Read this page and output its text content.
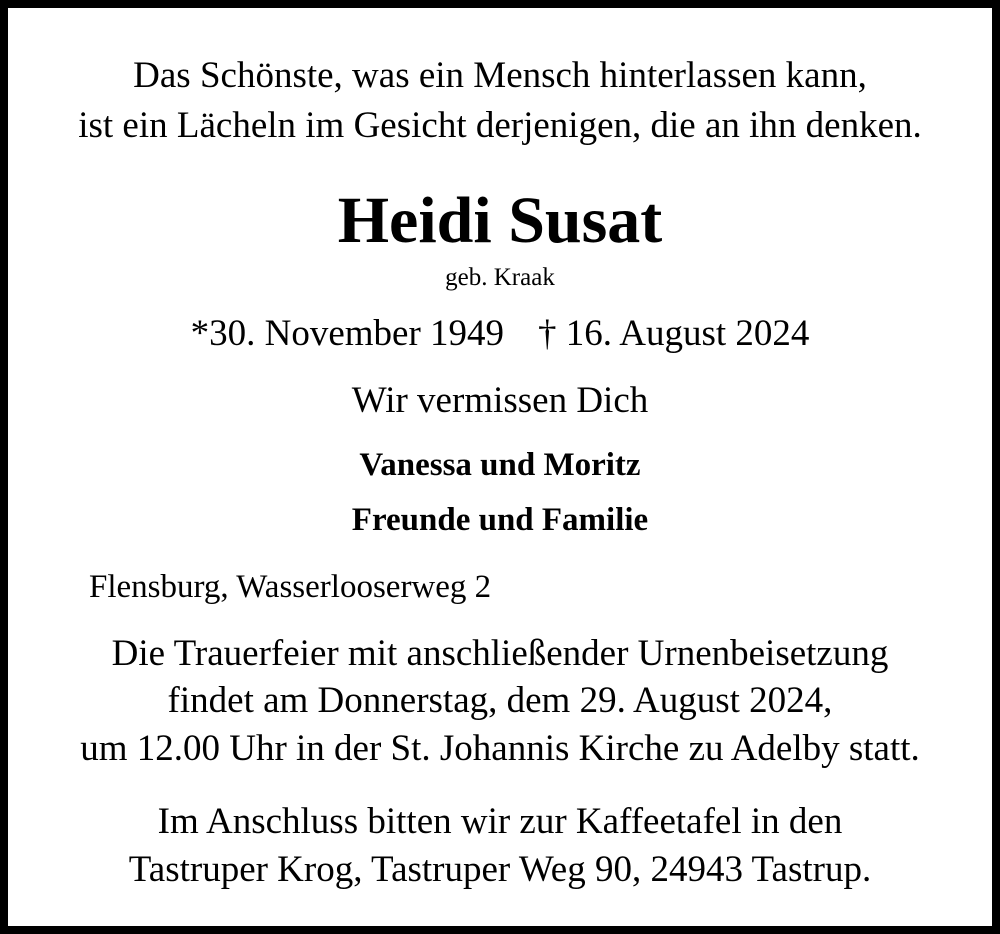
Das Schönste, was ein Mensch hinterlassen kann,
ist ein Lächeln im Gesicht derjenigen, die an ihn denken.
Heidi Susat
geb. Kraak
*30. November 1949 † 16. August 2024
Wir vermissen Dich
Vanessa und Moritz
Freunde und Familie
Flensburg, Wasserlooserweg 2
Die Trauerfeier mit anschließender Urnenbeisetzung
findet am Donnerstag, dem 29. August 2024,
um 12.00 Uhr in der St. Johannis Kirche zu Adelby statt.
Im Anschluss bitten wir zur Kaffeetafel in den
Tastruper Krog, Tastruper Weg 90, 24943 Tastrup.
